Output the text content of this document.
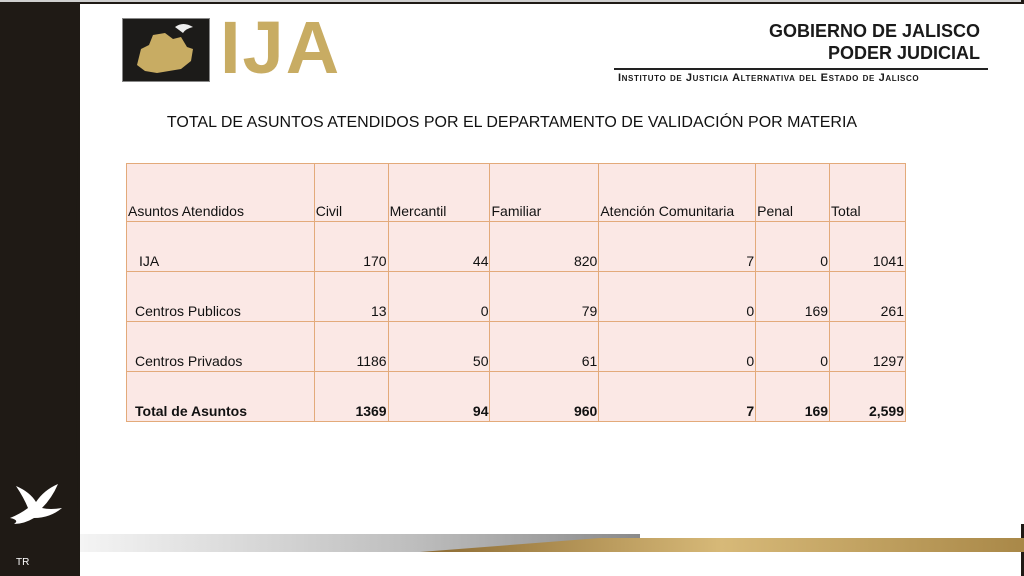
IJA	GOBIERNO DE JALISCO
PODER JUDICIAL
Instituto de Justicia Alternativa del Estado de Jalisco
TOTAL DE ASUNTOS ATENDIDOS POR EL DEPARTAMENTO DE VALIDACIÓN POR MATERIA
Asuntos Atendidos	Civil	Mercantil	Familiar	Atención Comunitaria	Penal	Total
IJA	170	44	820	7	0	1041
Centros Publicos	13	0	79	0	169	261
Centros Privados	1186	50	61	0	0	1297
Total de Asuntos	1369	94	960	7	169	2,599
TR
